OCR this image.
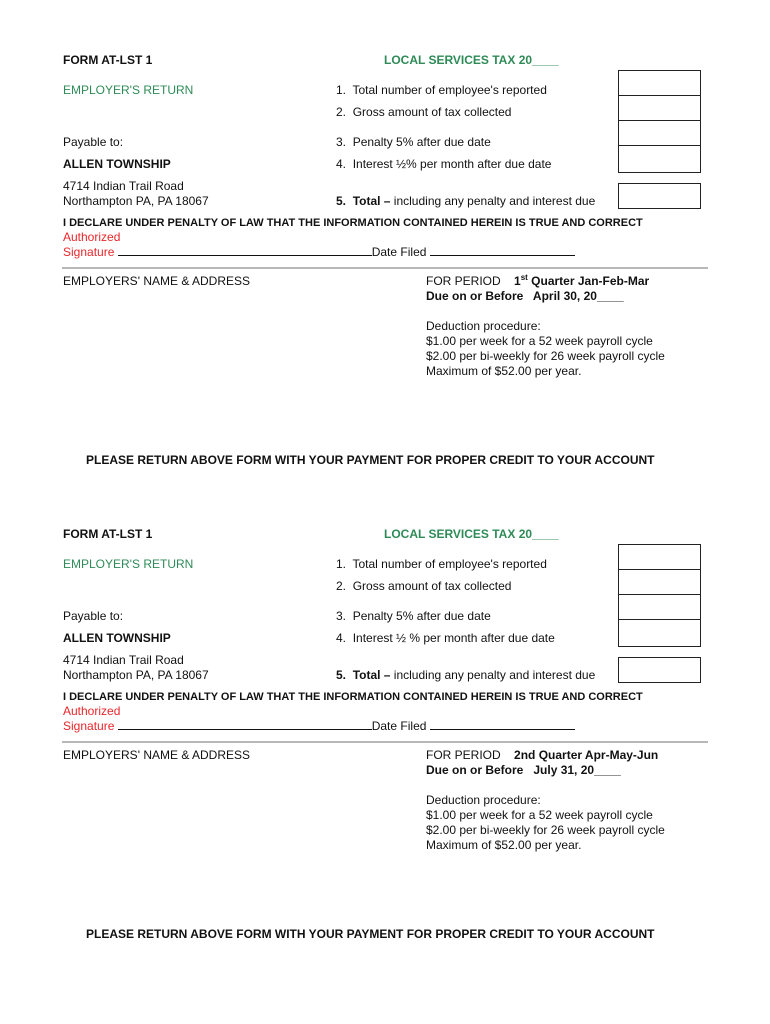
FORM AT-LST 1	LOCAL SERVICES TAX 20____
EMPLOYER'S RETURN	1. Total number of employee's reported
2. Gross amount of tax collected
3. Penalty 5% after due date
4. Interest ½% per month after due date
5. Total – including any penalty and interest due
Payable to:
ALLEN TOWNSHIP
4714 Indian Trail Road
Northampton PA, PA 18067
I DECLARE UNDER PENALTY OF LAW THAT THE INFORMATION CONTAINED HEREIN IS TRUE AND CORRECT
Authorized
Signature	Date Filed
EMPLOYERS' NAME & ADDRESS	FOR PERIOD 1st Quarter Jan-Feb-Mar
Due on or Before April 30, 20____
Deduction procedure:
$1.00 per week for a 52 week payroll cycle
$2.00 per bi-weekly for 26 week payroll cycle
Maximum of $52.00 per year.
PLEASE RETURN ABOVE FORM WITH YOUR PAYMENT FOR PROPER CREDIT TO YOUR ACCOUNT
FORM AT-LST 1	LOCAL SERVICES TAX 20____
EMPLOYER'S RETURN	1. Total number of employee's reported
2. Gross amount of tax collected
3. Penalty 5% after due date
4. Interest ½ % per month after due date
5. Total – including any penalty and interest due
Payable to:
ALLEN TOWNSHIP
4714 Indian Trail Road
Northampton PA, PA 18067
I DECLARE UNDER PENALTY OF LAW THAT THE INFORMATION CONTAINED HEREIN IS TRUE AND CORRECT
Authorized
Signature	Date Filed
EMPLOYERS' NAME & ADDRESS	FOR PERIOD 2nd Quarter Apr-May-Jun
Due on or Before July 31, 20____
Deduction procedure:
$1.00 per week for a 52 week payroll cycle
$2.00 per bi-weekly for 26 week payroll cycle
Maximum of $52.00 per year.
PLEASE RETURN ABOVE FORM WITH YOUR PAYMENT FOR PROPER CREDIT TO YOUR ACCOUNT
